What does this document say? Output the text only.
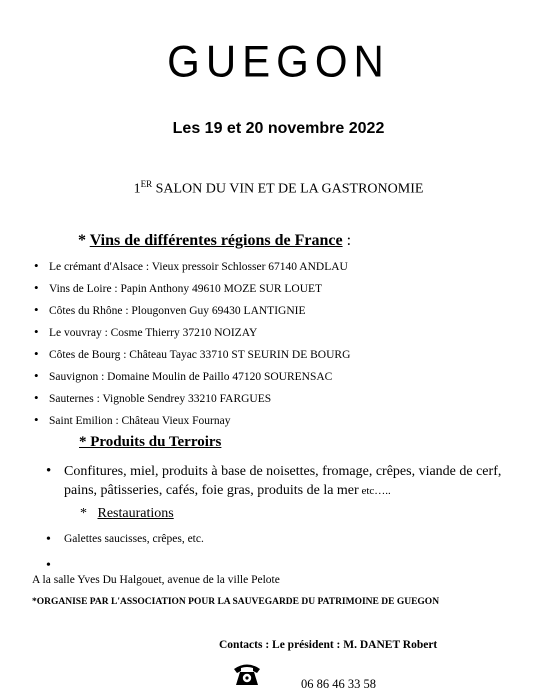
GUEGON
Les 19 et 20 novembre 2022
1ER SALON DU VIN ET DE LA GASTRONOMIE
* Vins de différentes régions de France :
• Le crémant d'Alsace : Vieux pressoir Schlosser 67140 ANDLAU
• Vins de Loire : Papin Anthony 49610 MOZE SUR LOUET
• Côtes du Rhône : Plougonven Guy 69430 LANTIGNIE
• Le vouvray : Cosme Thierry 37210 NOIZAY
• Côtes de Bourg : Château Tayac 33710 ST SEURIN DE BOURG
• Sauvignon : Domaine Moulin de Paillo 47120 SOURENSAC
• Sauternes : Vignoble Sendrey 33210 FARGUES
• Saint Emilion : Château Vieux Fournay
* Produits du Terroirs
• Confitures, miel, produits à base de noisettes, fromage, crêpes, viande de cerf, pains, pâtisseries, cafés, foie gras, produits de la mer etc…..
*   Restaurations
• Galettes saucisses, crêpes, etc.
•
A la salle Yves Du Halgouet, avenue de la ville Pelote
*ORGANISE PAR L'ASSOCIATION POUR LA SAUVEGARDE DU PATRIMOINE DE GUEGON
Contacts : Le président : M. DANET Robert
06 86 46 33 58
